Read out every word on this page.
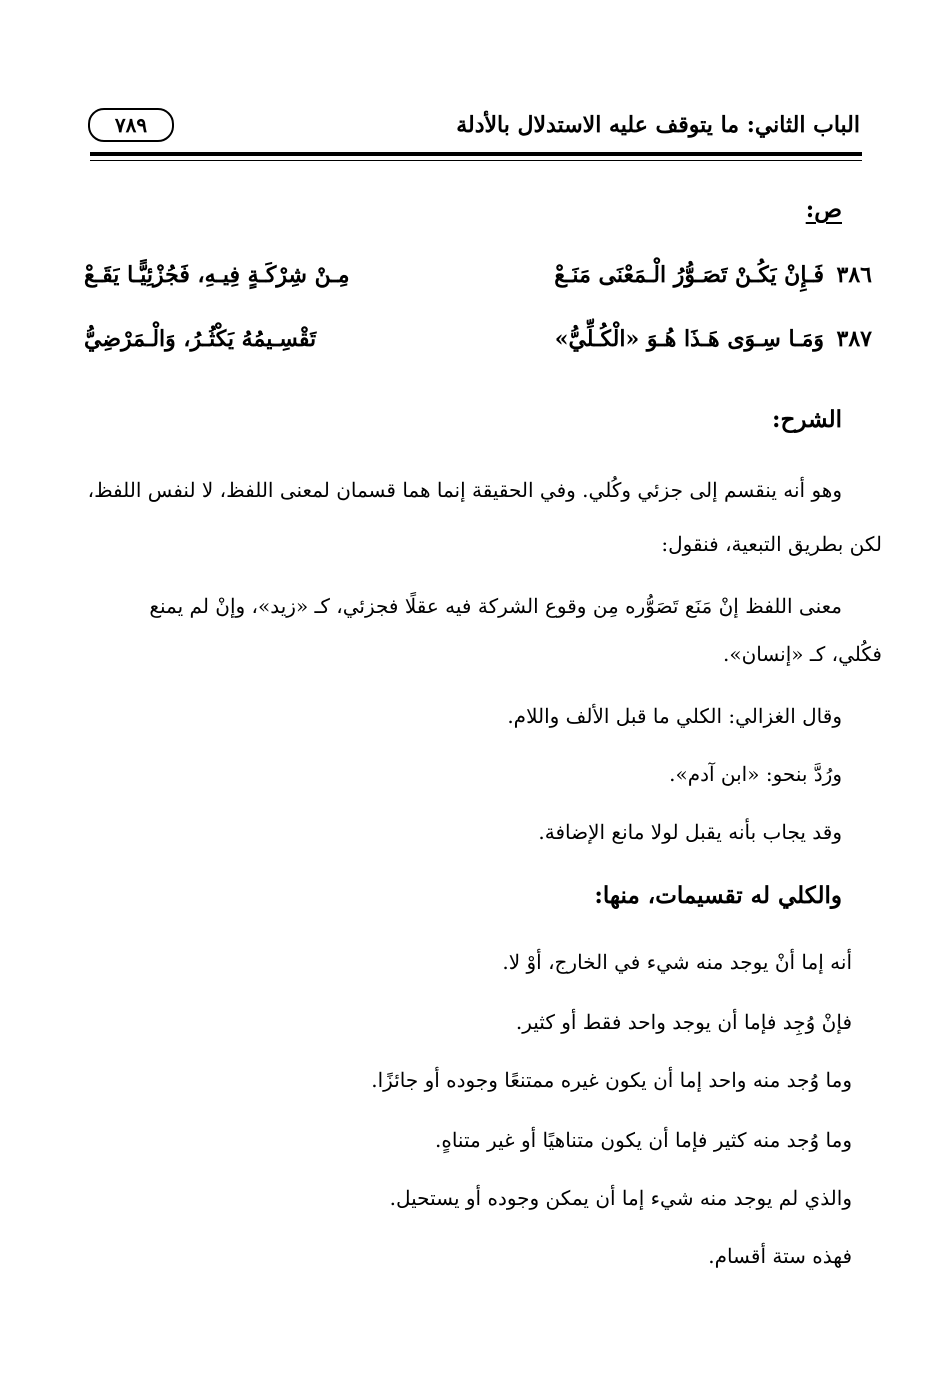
الباب الثاني: ما يتوقف عليه الاستدلال بالأدلة
٧٨٩
ص:
٣٨٦
فَـإِنْ يَكُـنْ تَصَـوُّرُ الْـمَعْنَى مَنَـعْ
مِـنْ شِرْكَـةٍ فِيـهِ، فَجُزْئِيًّـا يَقَـعْ
٣٨٧
وَمَـا سِـوَى هَـذَا هُـوَ «الْكُـلِّيُّ»
تَقْسِـيمُهُ يَكْثُـرُ، وَالْـمَرْضِيُّ
الشرح:
وهو أنه ينقسم إلى جزئي وكُلي. وفي الحقيقة إنما هما قسمان لمعنى اللفظ، لا لنفس اللفظ،
لكن بطريق التبعية، فنقول:
معنى اللفظ إنْ مَنَع تَصَوُّره مِن وقوع الشركة فيه عقلًا فجزئي، كـ «زيد»، وإنْ لم يمنع
فكُلي، كـ «إنسان».
وقال الغزالي: الكلي ما قبل الألف واللام.
ورُدَّ بنحو: «ابن آدم».
وقد يجاب بأنه يقبل لولا مانع الإضافة.
والكلي له تقسيمات، منها:
أنه إما أنْ يوجد منه شيء في الخارج، أوْ لا.
فإنْ وُجِد فإما أن يوجد واحد فقط أو كثير.
وما وُجد منه واحد إما أن يكون غيره ممتنعًا وجوده أو جائزًا.
وما وُجد منه كثير فإما أن يكون متناهيًا أو غير متناهٍ.
والذي لم يوجد منه شيء إما أن يمكن وجوده أو يستحيل.
فهذه ستة أقسام.
